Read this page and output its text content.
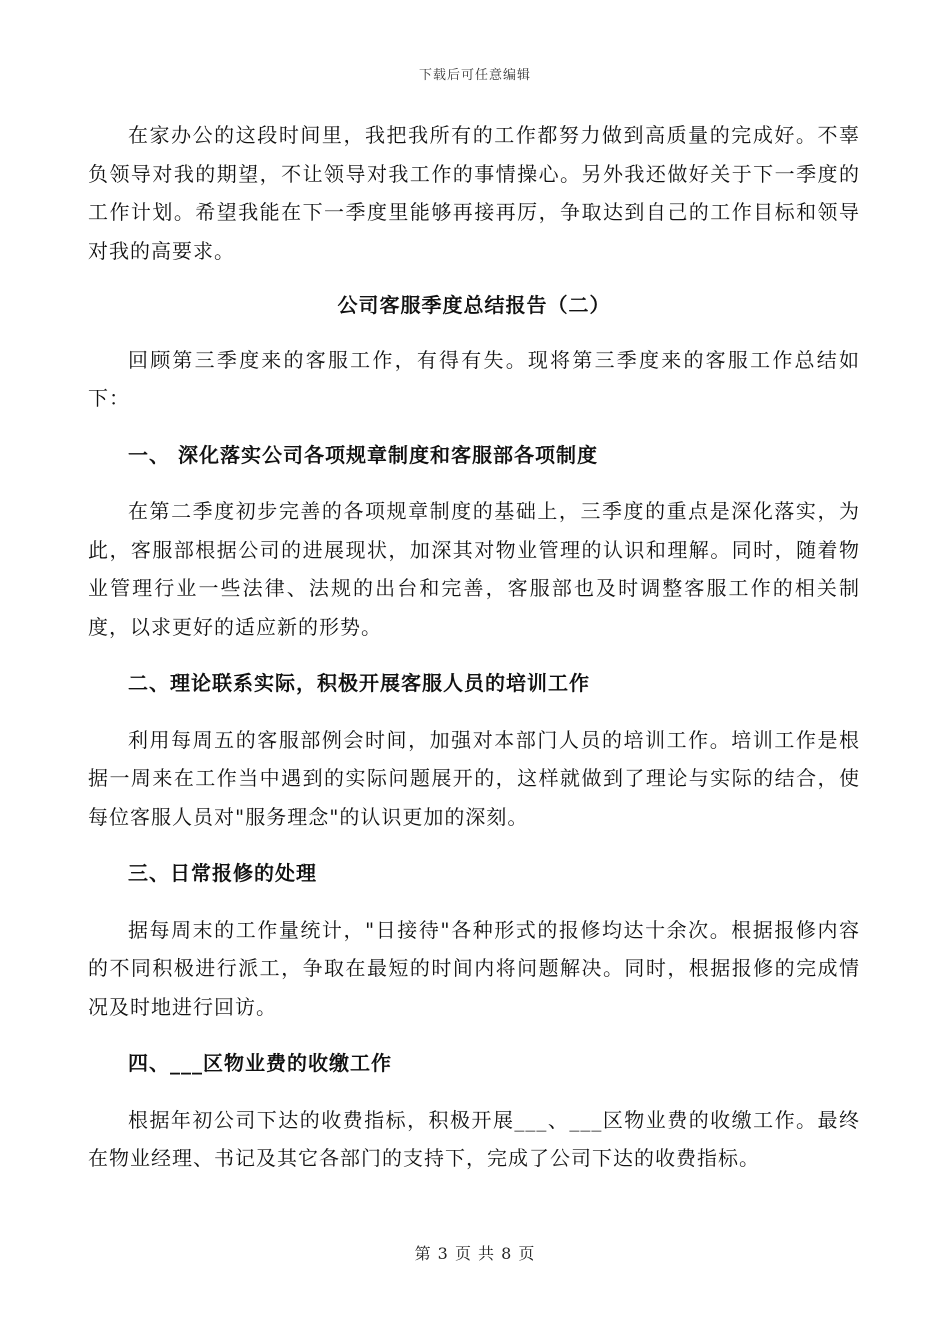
下载后可任意编辑

在家办公的这段时间里，我把我所有的工作都努力做到高质量的完成好。不辜负领导对我的期望，不让领导对我工作的事情操心。另外我还做好关于下一季度的工作计划。希望我能在下一季度里能够再接再厉，争取达到自己的工作目标和领导对我的高要求。

公司客服季度总结报告（二）

回顾第三季度来的客服工作，有得有失。现将第三季度来的客服工作总结如下：

一、 深化落实公司各项规章制度和客服部各项制度

在第二季度初步完善的各项规章制度的基础上，三季度的重点是深化落实，为此，客服部根据公司的进展现状，加深其对物业管理的认识和理解。同时，随着物业管理行业一些法律、法规的出台和完善，客服部也及时调整客服工作的相关制度，以求更好的适应新的形势。

二、理论联系实际，积极开展客服人员的培训工作

利用每周五的客服部例会时间，加强对本部门人员的培训工作。培训工作是根据一周来在工作当中遇到的实际问题展开的，这样就做到了理论与实际的结合，使每位客服人员对"服务理念"的认识更加的深刻。

三、日常报修的处理

据每周末的工作量统计，"日接待"各种形式的报修均达十余次。根据报修内容的不同积极进行派工，争取在最短的时间内将问题解决。同时，根据报修的完成情况及时地进行回访。

四、___区物业费的收缴工作

根据年初公司下达的收费指标，积极开展___、___区物业费的收缴工作。最终在物业经理、书记及其它各部门的支持下，完成了公司下达的收费指标。

第 3 页 共 8 页
